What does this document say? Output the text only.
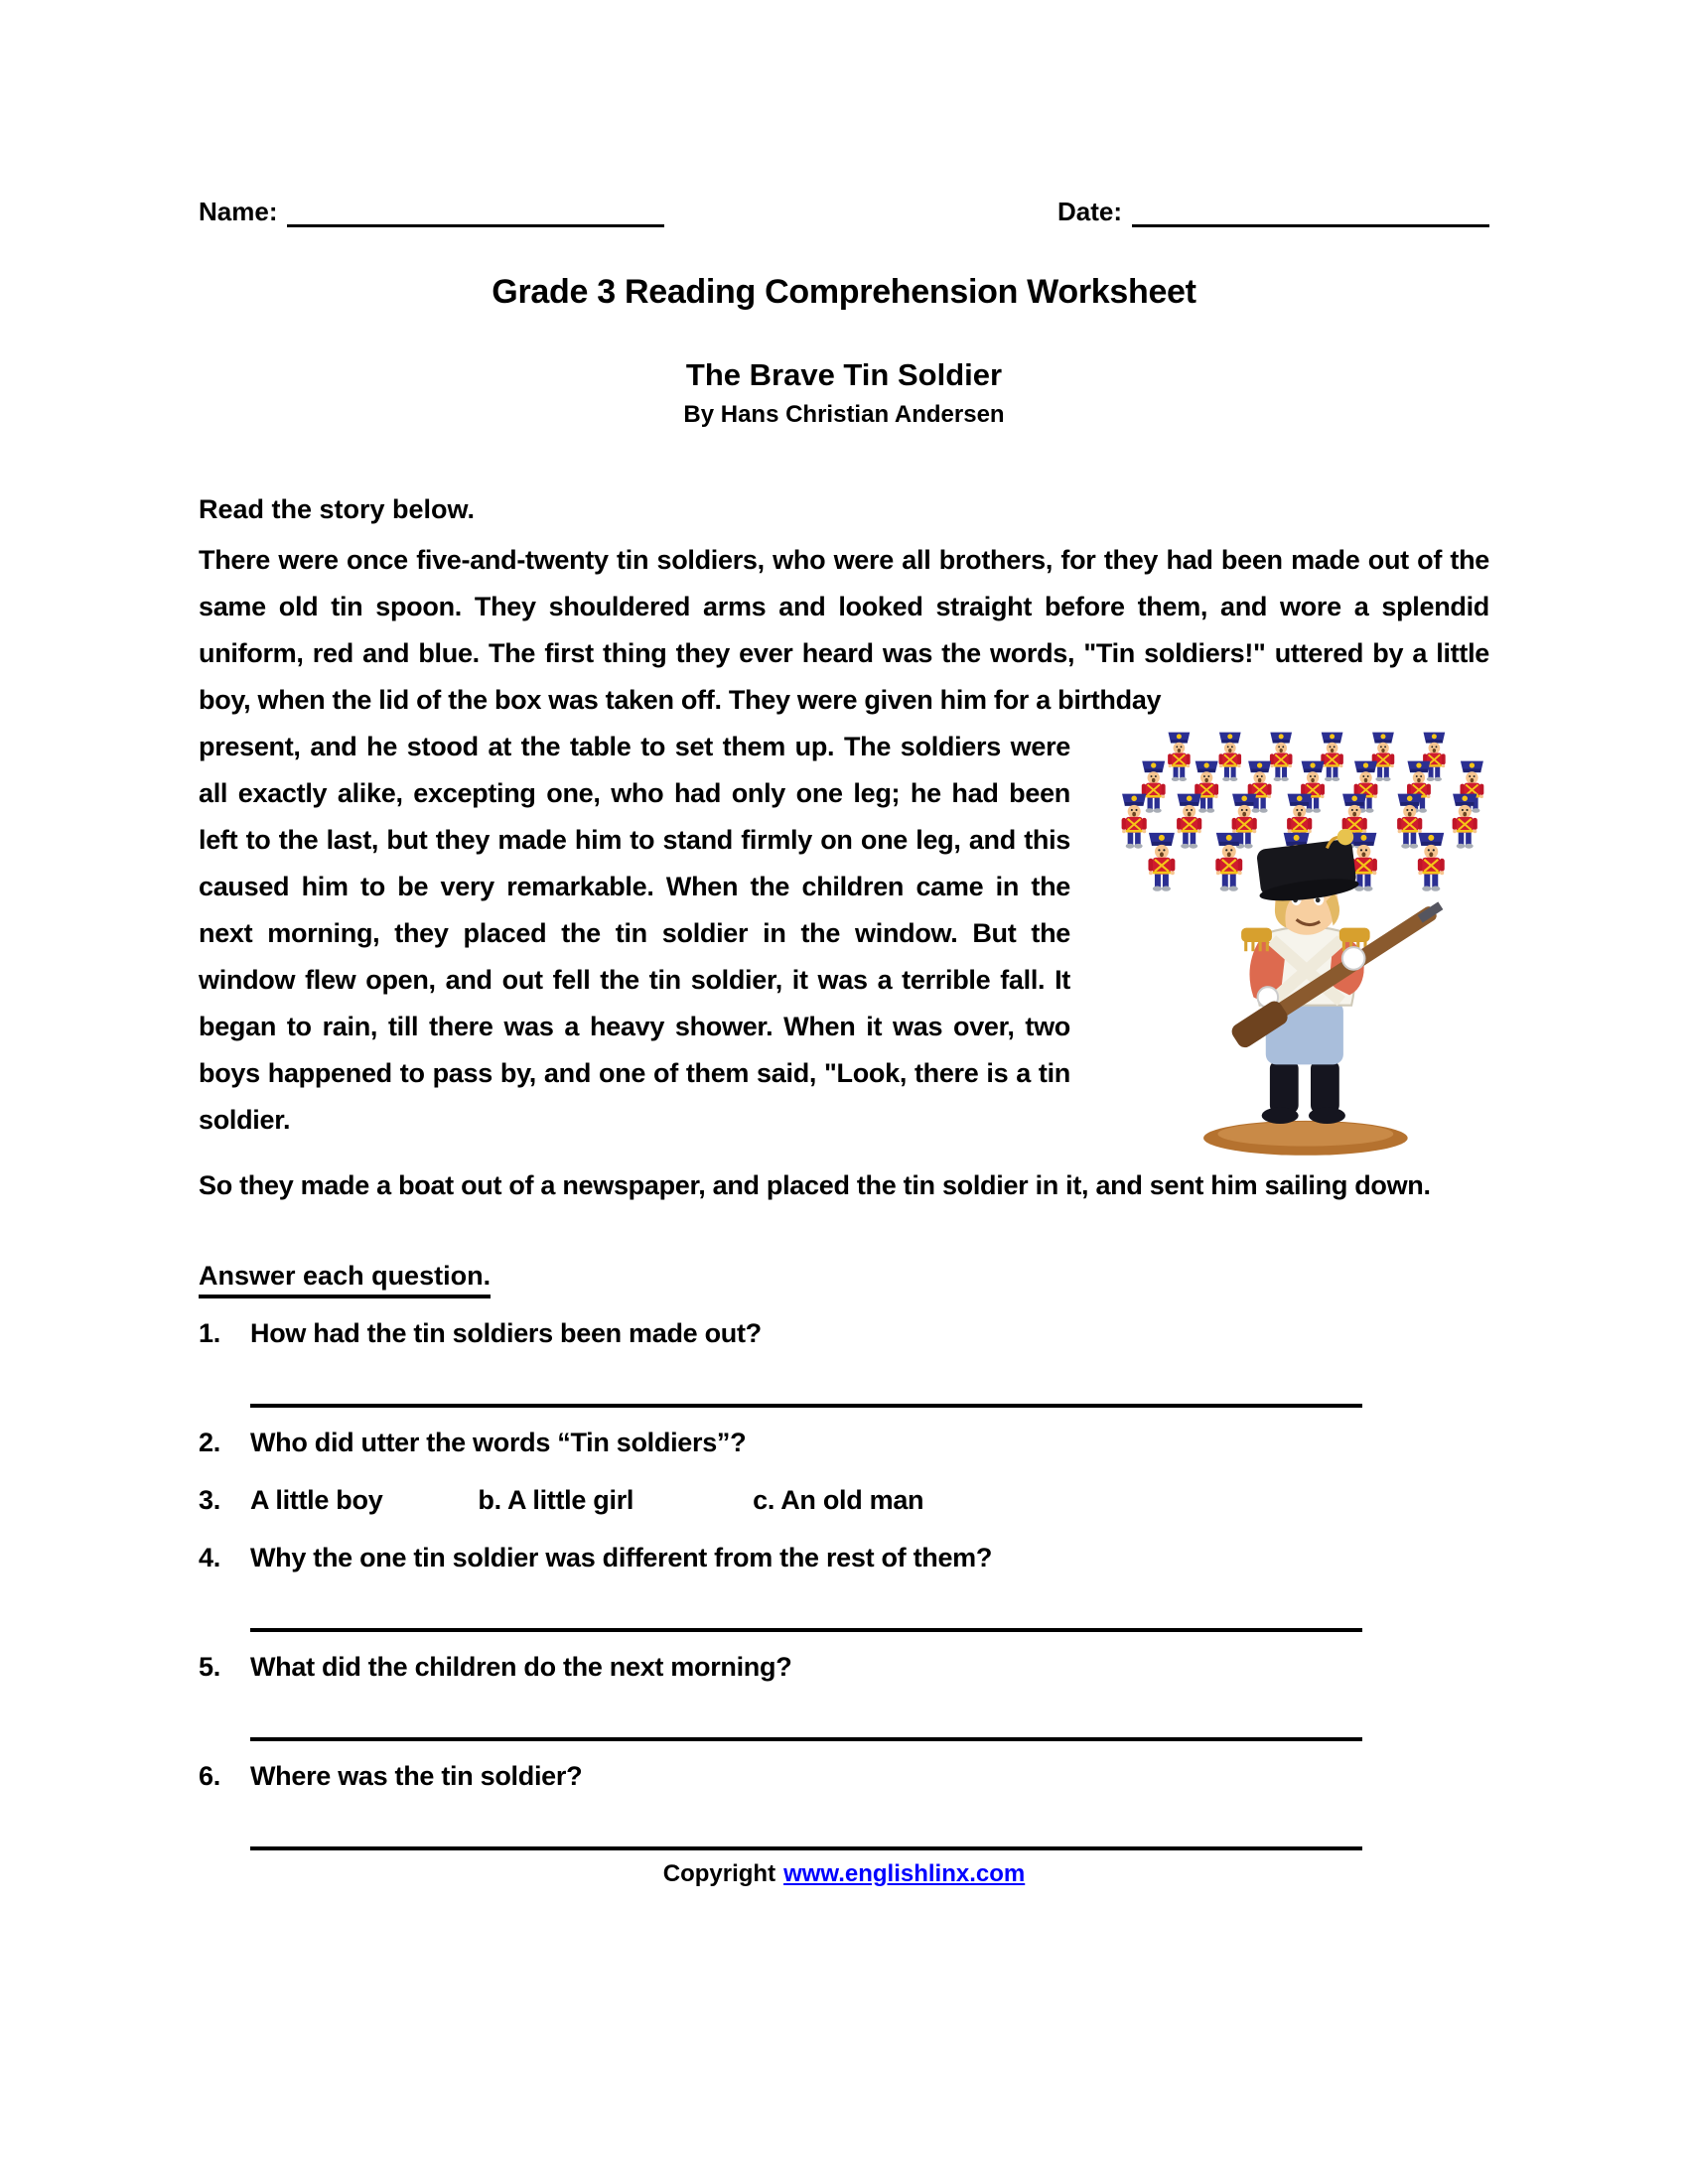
Name:	Date:
Grade 3 Reading Comprehension Worksheet
The Brave Tin Soldier
By Hans Christian Andersen
Read the story below.

There were once five-and-twenty tin soldiers, who were all brothers, for they had been made out of the same old tin spoon. They shouldered arms and looked straight before them, and wore a splendid uniform, red and blue. The first thing they ever heard was the words, "Tin soldiers!" uttered by a little boy, when the lid of the box was taken off. They were given him for a birthday

present, and he stood at the table to set them up. The soldiers were all exactly alike, excepting one, who had only one leg; he had been left to the last, but they made him to stand firmly on one leg, and this caused him to be very remarkable. When the children came in the next morning, they placed the tin soldier in the window. But the window flew open, and out fell the tin soldier, it was a terrible fall. It began to rain, till there was a heavy shower. When it was over, two boys happened to pass by, and one of them said, "Look, there is a tin soldier.

So they made a boat out of a newspaper, and placed the tin soldier in it, and sent him sailing down.

Answer each question.
1.	How had the tin soldiers been made out?
2.	Who did utter the words “Tin soldiers”?
3.	A little boy	b. A little girl	c. An old man
4.	Why the one tin soldier was different from the rest of them?
5.	What did the children do the next morning?
6.	Where was the tin soldier?
Copyright www.englishlinx.com
